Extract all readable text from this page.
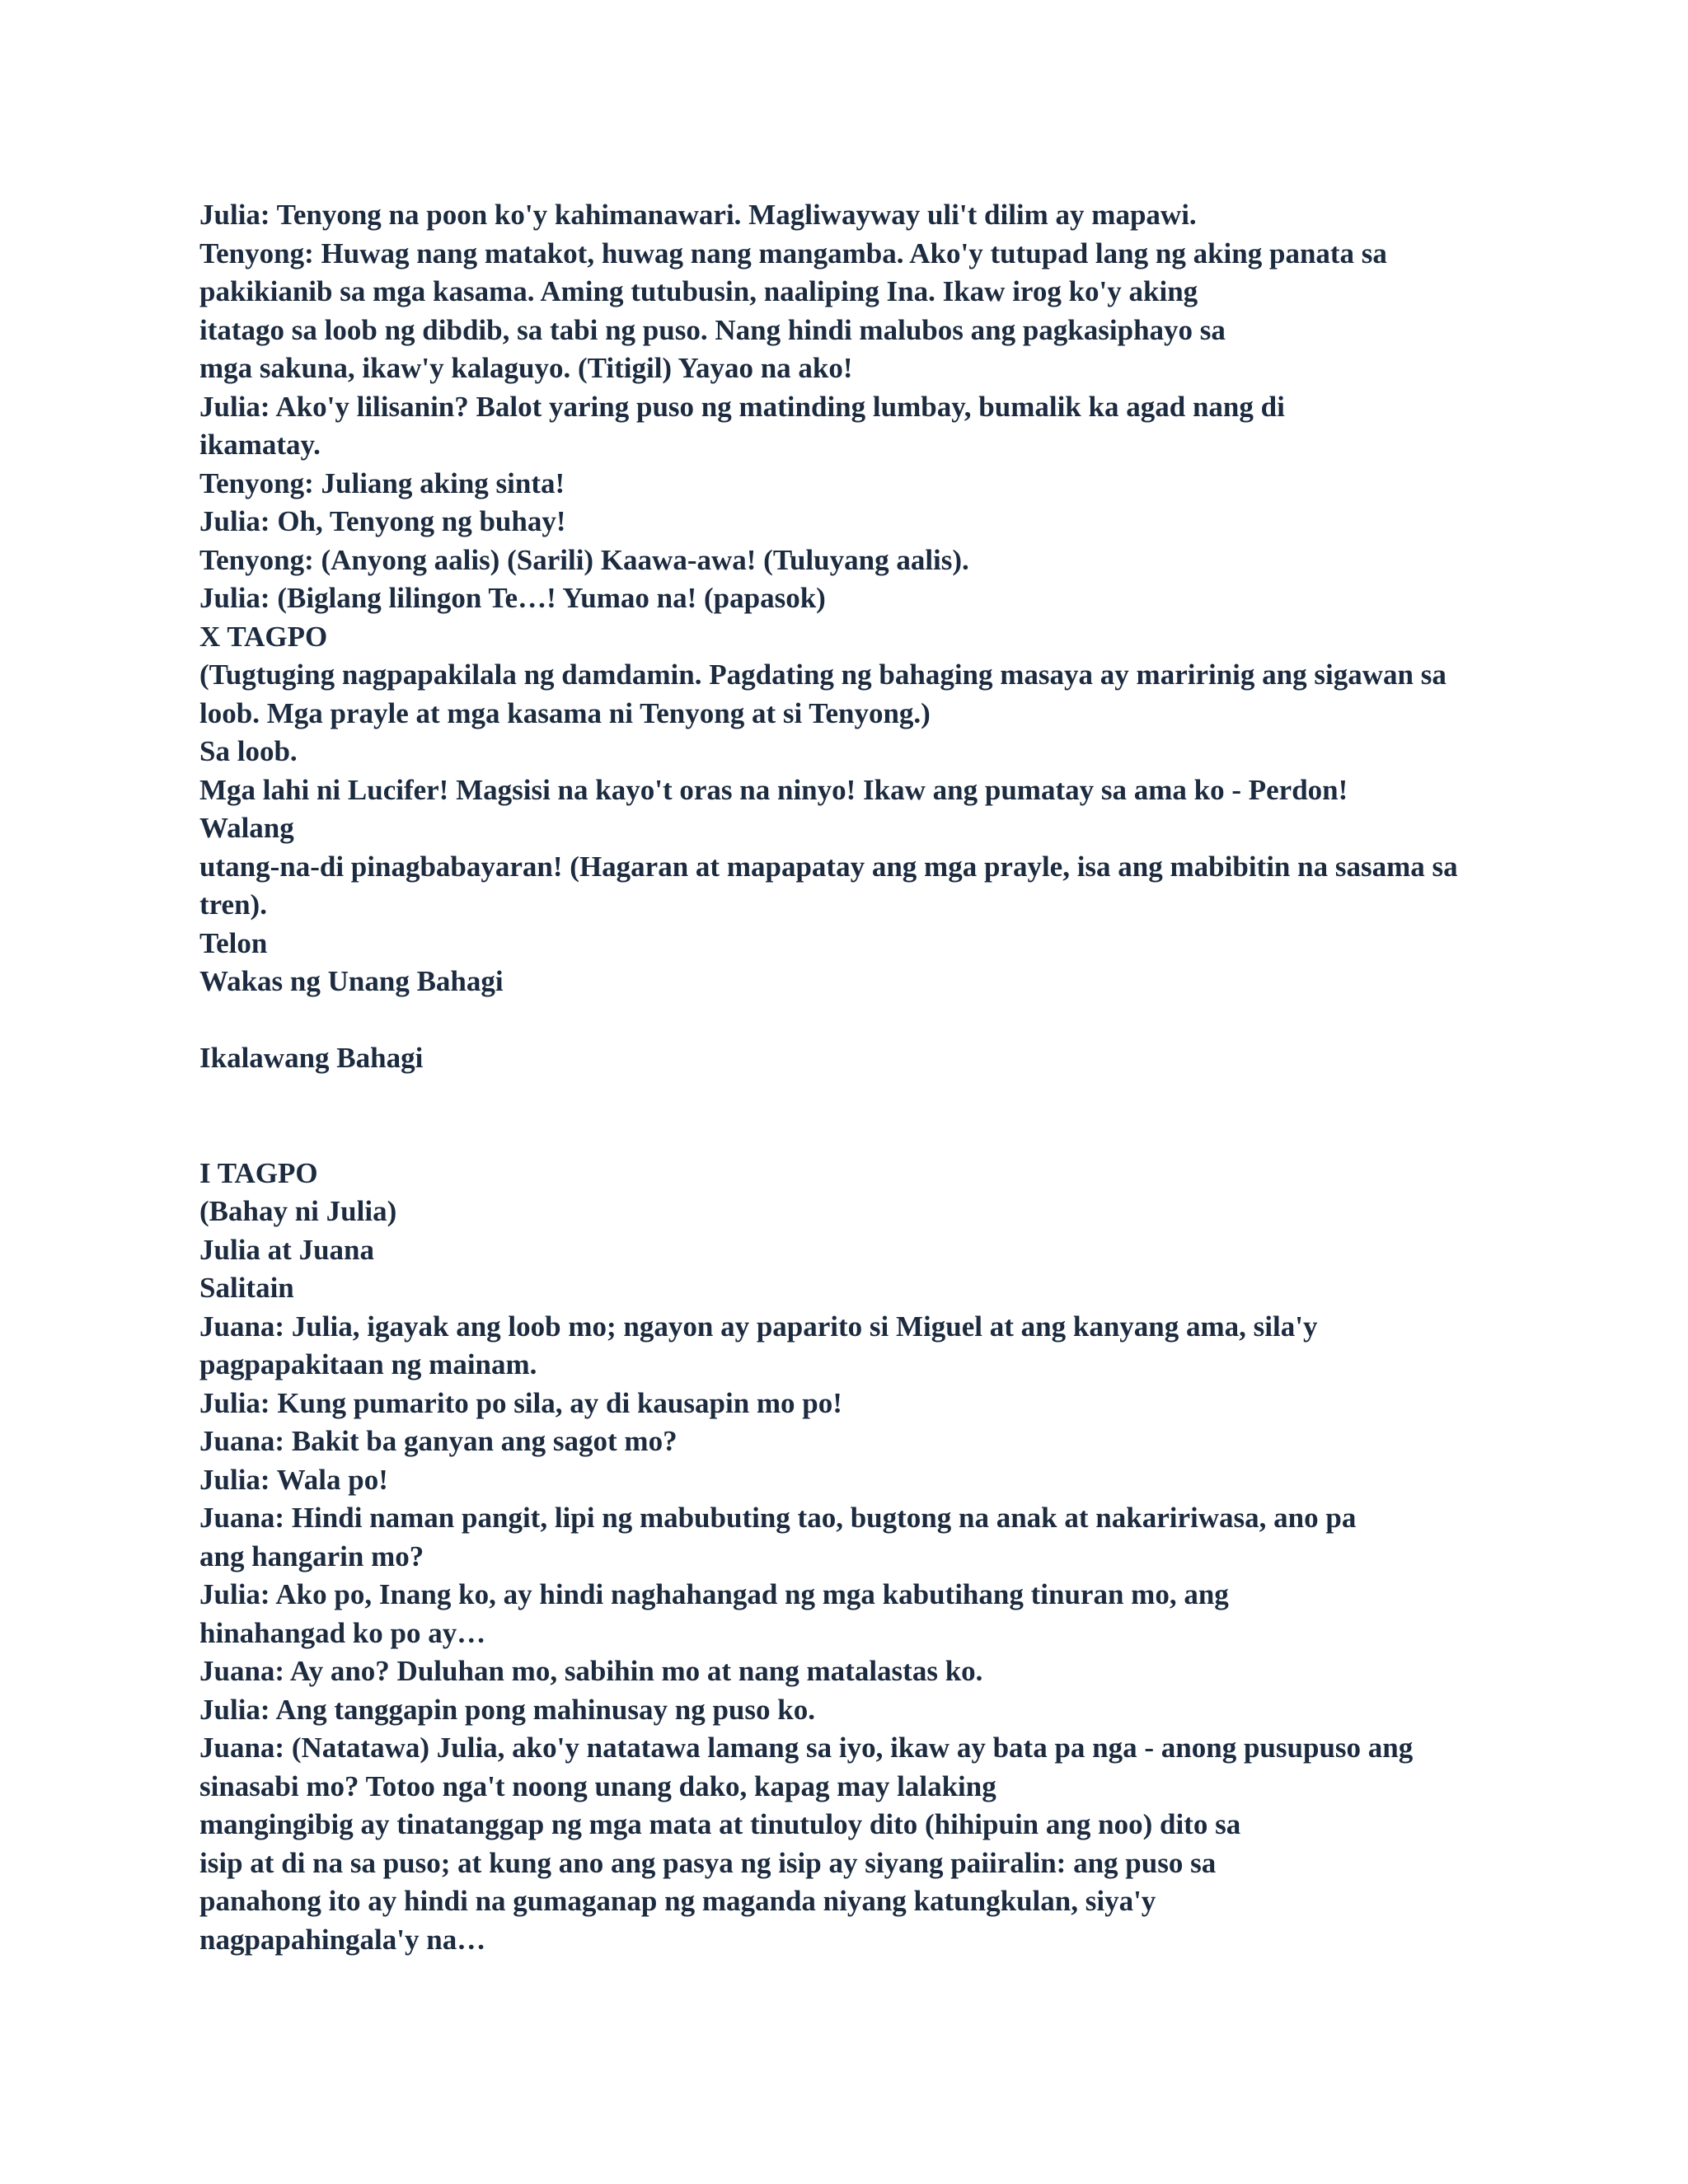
Julia: Tenyong na poon ko'y kahimanawari. Magliwayway uli't dilim ay mapawi.
Tenyong: Huwag nang matakot, huwag nang mangamba. Ako'y tutupad lang ng aking panata sa
pakikianib sa mga kasama. Aming tutubusin, naaliping Ina. Ikaw irog ko'y aking
itatago sa loob ng dibdib, sa tabi ng puso. Nang hindi malubos ang pagkasiphayo sa
mga sakuna, ikaw'y kalaguyo. (Titigil) Yayao na ako!
Julia: Ako'y lilisanin? Balot yaring puso ng matinding lumbay, bumalik ka agad nang di
ikamatay.
Tenyong: Juliang aking sinta!
Julia: Oh, Tenyong ng buhay!
Tenyong: (Anyong aalis) (Sarili) Kaawa-awa! (Tuluyang aalis).
Julia: (Biglang lilingon Te…! Yumao na! (papasok)
X TAGPO
(Tugtuging nagpapakilala ng damdamin. Pagdating ng bahaging masaya ay maririnig ang sigawan sa
loob. Mga prayle at mga kasama ni Tenyong at si Tenyong.)
Sa loob.
Mga lahi ni Lucifer! Magsisi na kayo't oras na ninyo! Ikaw ang pumatay sa ama ko - Perdon!
Walang
utang-na-di pinagbabayaran! (Hagaran at mapapatay ang mga prayle, isa ang mabibitin na sasama sa
tren).
Telon
Wakas ng Unang Bahagi
Ikalawang Bahagi
I TAGPO
(Bahay ni Julia)
Julia at Juana
Salitain
Juana: Julia, igayak ang loob mo; ngayon ay paparito si Miguel at ang kanyang ama, sila'y
pagpapakitaan ng mainam.
Julia: Kung pumarito po sila, ay di kausapin mo po!
Juana: Bakit ba ganyan ang sagot mo?
Julia: Wala po!
Juana: Hindi naman pangit, lipi ng mabubuting tao, bugtong na anak at nakaririwasa, ano pa
ang hangarin mo?
Julia: Ako po, Inang ko, ay hindi naghahangad ng mga kabutihang tinuran mo, ang
hinahangad ko po ay…
Juana: Ay ano? Duluhan mo, sabihin mo at nang matalastas ko.
Julia: Ang tanggapin pong mahinusay ng puso ko.
Juana: (Natatawa) Julia, ako'y natatawa lamang sa iyo, ikaw ay bata pa nga - anong pusupuso ang
sinasabi mo? Totoo nga't noong unang dako, kapag may lalaking
mangingibig ay tinatanggap ng mga mata at tinutuloy dito (hihipuin ang noo) dito sa
isip at di na sa puso; at kung ano ang pasya ng isip ay siyang paiiralin: ang puso sa
panahong ito ay hindi na gumaganap ng maganda niyang katungkulan, siya'y
nagpapahingala'y na…
